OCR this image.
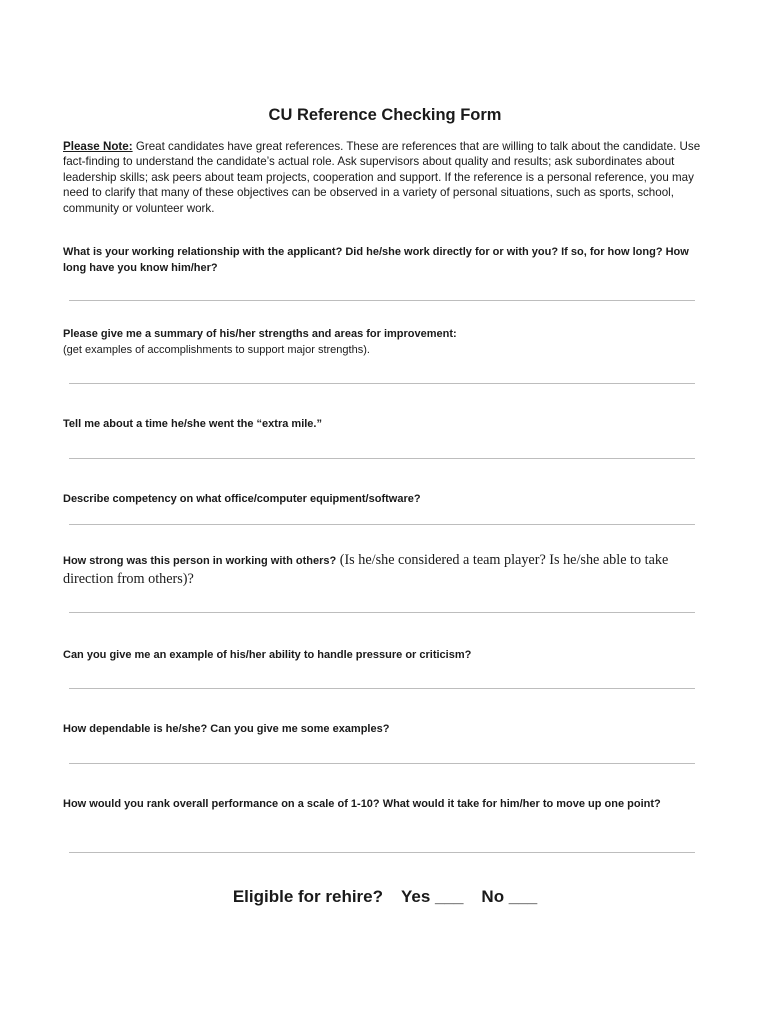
CU Reference Checking Form
Please Note: Great candidates have great references. These are references that are willing to talk about the candidate. Use fact-finding to understand the candidate’s actual role. Ask supervisors about quality and results; ask subordinates about leadership skills; ask peers about team projects, cooperation and support. If the reference is a personal reference, you may need to clarify that many of these objectives can be observed in a variety of personal situations, such as sports, school, community or volunteer work.
What is your working relationship with the applicant? Did he/she work directly for or with you? If so, for how long? How long have you know him/her?
Please give me a summary of his/her strengths and areas for improvement:
(get examples of accomplishments to support major strengths).
Tell me about a time he/she went the “extra mile.”
Describe competency on what office/computer equipment/software?
How strong was this person in working with others? (Is he/she considered a team player? Is he/she able to take direction from others)?
Can you give me an example of his/her ability to handle pressure or criticism?
How dependable is he/she? Can you give me some examples?
How would you rank overall performance on a scale of 1-10? What would it take for him/her to move up one point?
Eligible for rehire? Yes ___ No ___
